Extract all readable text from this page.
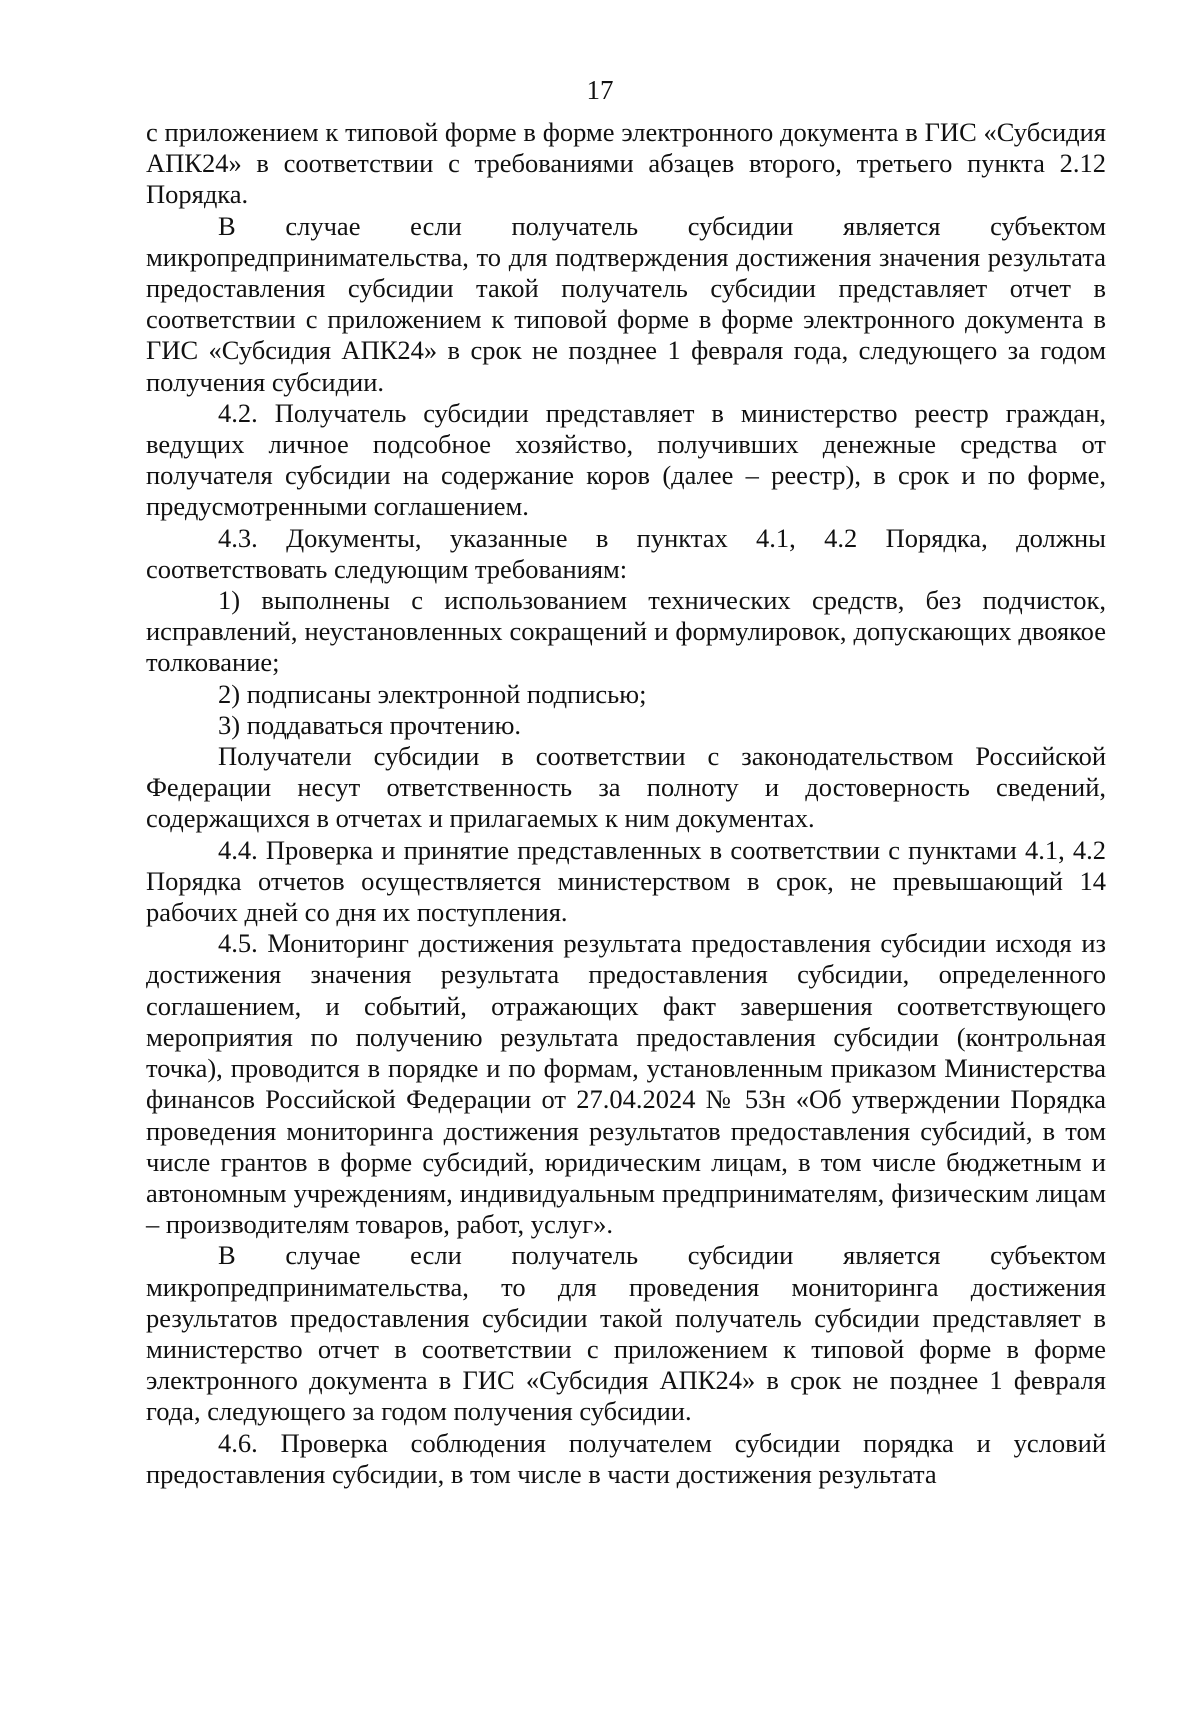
17

с приложением к типовой форме в форме электронного документа в ГИС «Субсидия АПК24» в соответствии с требованиями абзацев второго, третьего пункта 2.12 Порядка.

В случае если получатель субсидии является субъектом микропредпринимательства, то для подтверждения достижения значения результата предоставления субсидии такой получатель субсидии представляет отчет в соответствии с приложением к типовой форме в форме электронного документа в ГИС «Субсидия АПК24» в срок не позднее 1 февраля года, следующего за годом получения субсидии.

4.2. Получатель субсидии представляет в министерство реестр граждан, ведущих личное подсобное хозяйство, получивших денежные средства от получателя субсидии на содержание коров (далее – реестр), в срок и по форме, предусмотренными соглашением.

4.3. Документы, указанные в пунктах 4.1, 4.2 Порядка, должны соответствовать следующим требованиям:

1) выполнены с использованием технических средств, без подчисток, исправлений, неустановленных сокращений и формулировок, допускающих двоякое толкование;

2) подписаны электронной подписью;

3) поддаваться прочтению.

Получатели субсидии в соответствии с законодательством Российской Федерации несут ответственность за полноту и достоверность сведений, содержащихся в отчетах и прилагаемых к ним документах.

4.4. Проверка и принятие представленных в соответствии с пунктами 4.1, 4.2 Порядка отчетов осуществляется министерством в срок, не превышающий 14 рабочих дней со дня их поступления.

4.5. Мониторинг достижения результата предоставления субсидии исходя из достижения значения результата предоставления субсидии, определенного соглашением, и событий, отражающих факт завершения соответствующего мероприятия по получению результата предоставления субсидии (контрольная точка), проводится в порядке и по формам, установленным приказом Министерства финансов Российской Федерации от 27.04.2024 № 53н «Об утверждении Порядка проведения мониторинга достижения результатов предоставления субсидий, в том числе грантов в форме субсидий, юридическим лицам, в том числе бюджетным и автономным учреждениям, индивидуальным предпринимателям, физическим лицам – производителям товаров, работ, услуг».

В случае если получатель субсидии является субъектом микропредпринимательства, то для проведения мониторинга достижения результатов предоставления субсидии такой получатель субсидии представляет в министерство отчет в соответствии с приложением к типовой форме в форме электронного документа в ГИС «Субсидия АПК24» в срок не позднее 1 февраля года, следующего за годом получения субсидии.

4.6. Проверка соблюдения получателем субсидии порядка и условий предоставления субсидии, в том числе в части достижения результата
